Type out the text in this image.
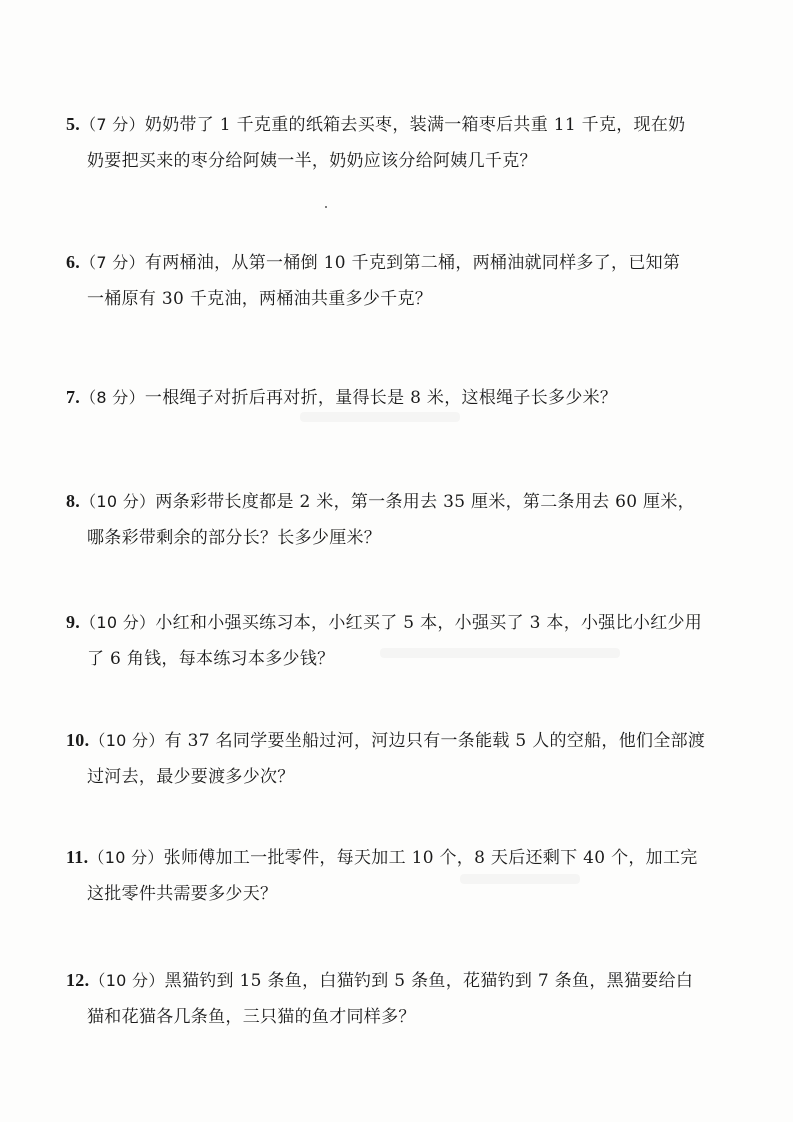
5.（7 分）奶奶带了 1 千克重的纸箱去买枣，装满一箱枣后共重 11 千克，现在奶
奶要把买来的枣分给阿姨一半，奶奶应该分给阿姨几千克？
6.（7 分）有两桶油，从第一桶倒 10 千克到第二桶，两桶油就同样多了，已知第
一桶原有 30 千克油，两桶油共重多少千克？
7.（8 分）一根绳子对折后再对折，量得长是 8 米，这根绳子长多少米？
8.（10 分）两条彩带长度都是 2 米，第一条用去 35 厘米，第二条用去 60 厘米，
哪条彩带剩余的部分长？长多少厘米？
9.（10 分）小红和小强买练习本，小红买了 5 本，小强买了 3 本，小强比小红少用
了 6 角钱，每本练习本多少钱？
10.（10 分）有 37 名同学要坐船过河，河边只有一条能载 5 人的空船，他们全部渡
过河去，最少要渡多少次？
11.（10 分）张师傅加工一批零件，每天加工 10 个，8 天后还剩下 40 个，加工完
这批零件共需要多少天？
12.（10 分）黑猫钓到 15 条鱼，白猫钓到 5 条鱼，花猫钓到 7 条鱼，黑猫要给白
猫和花猫各几条鱼，三只猫的鱼才同样多？
